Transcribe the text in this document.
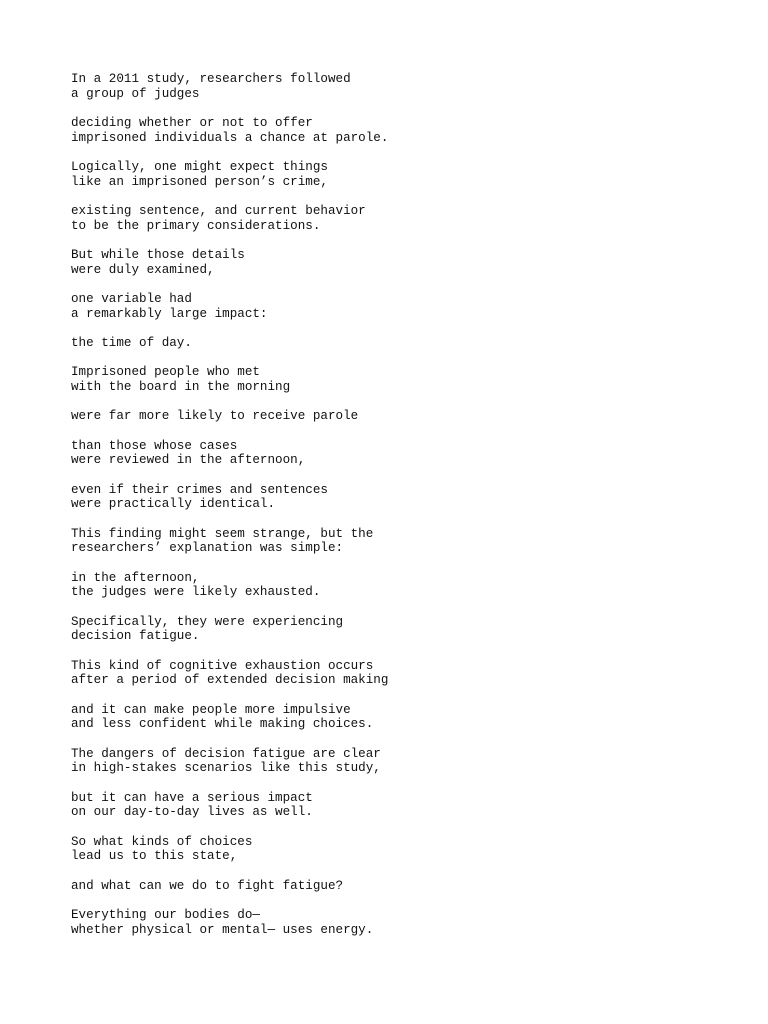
In a 2011 study, researchers followed
a group of judges
deciding whether or not to offer
imprisoned individuals a chance at parole.
Logically, one might expect things
like an imprisoned person’s crime,
existing sentence, and current behavior
to be the primary considerations.
But while those details
were duly examined,
one variable had
a remarkably large impact:
the time of day.
Imprisoned people who met
with the board in the morning
were far more likely to receive parole
than those whose cases
were reviewed in the afternoon,
even if their crimes and sentences
were practically identical.
This finding might seem strange, but the
researchers’ explanation was simple:
in the afternoon,
the judges were likely exhausted.
Specifically, they were experiencing
decision fatigue.
This kind of cognitive exhaustion occurs
after a period of extended decision making
and it can make people more impulsive
and less confident while making choices.
The dangers of decision fatigue are clear
in high-stakes scenarios like this study,
but it can have a serious impact
on our day-to-day lives as well.
So what kinds of choices
lead us to this state,
and what can we do to fight fatigue?
Everything our bodies do—
whether physical or mental— uses energy.
